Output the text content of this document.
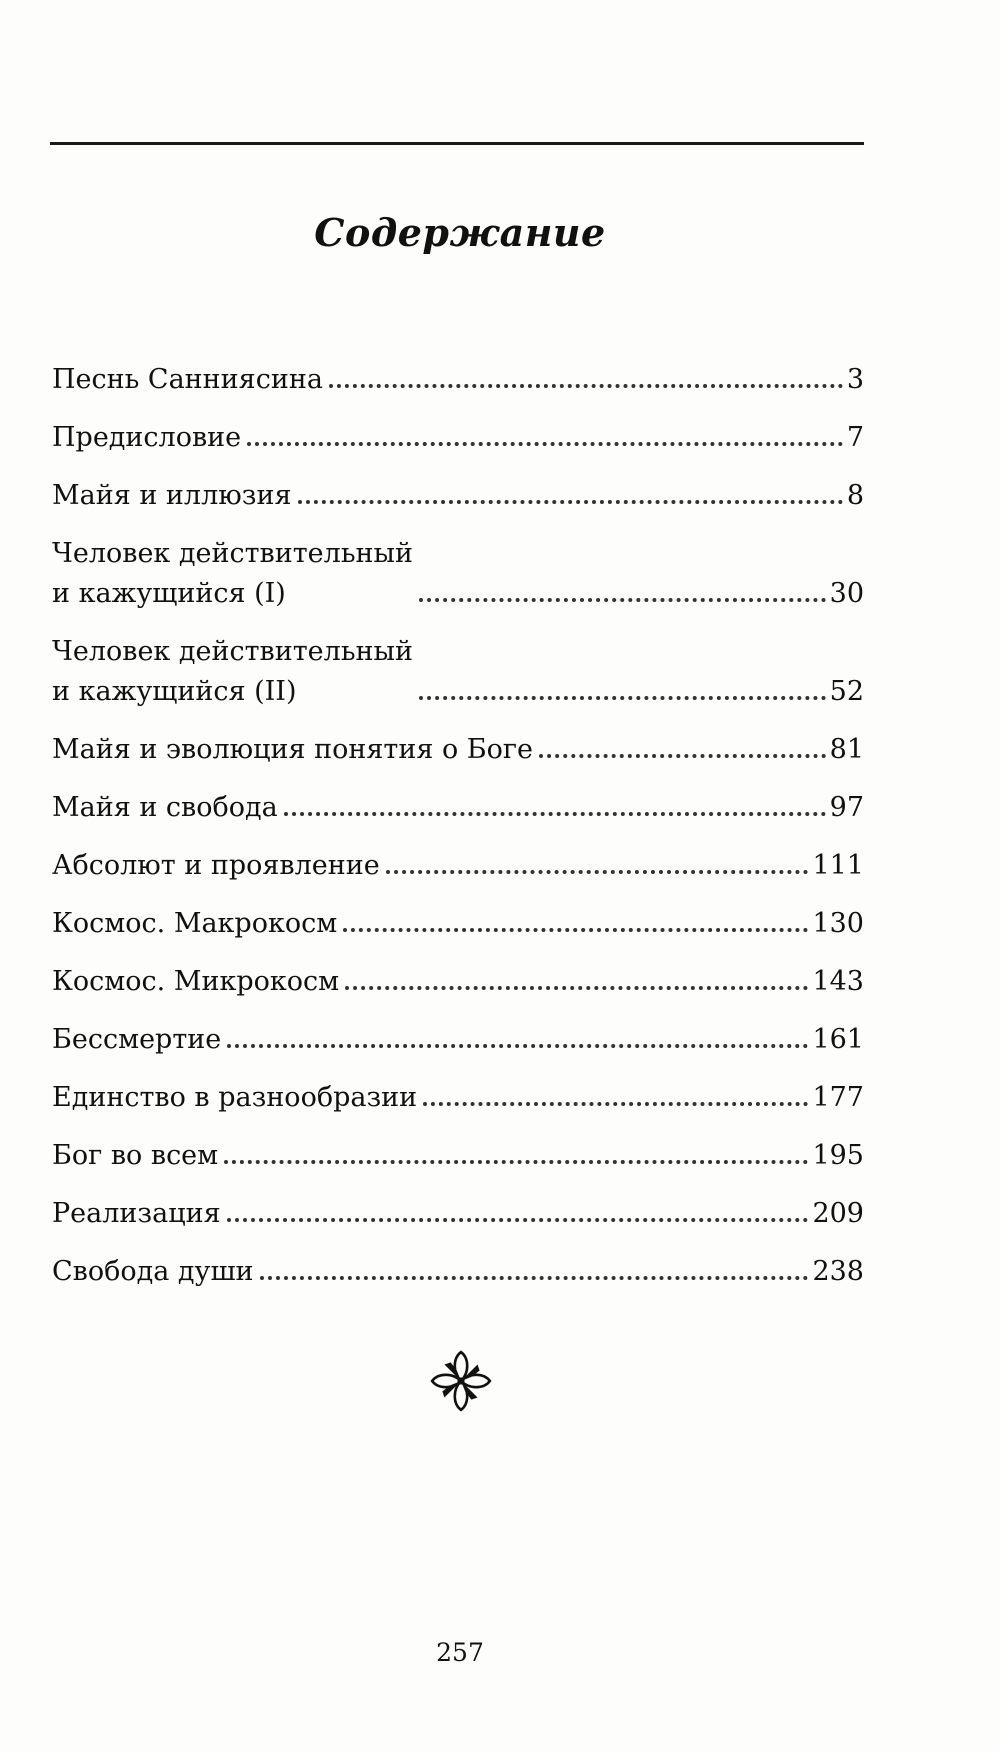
Содержание
Песнь Санниясина	3
Предисловие	7
Майя и иллюзия	8
Человек действительный
и кажущийся (I)	30
Человек действительный
и кажущийся (II)	52
Майя и эволюция понятия о Боге	81
Майя и свобода	97
Абсолют и проявление	111
Космос. Макрокосм	130
Космос. Микрокосм	143
Бессмертие	161
Единство в разнообразии	177
Бог во всем	195
Реализация	209
Свобода души	238
257
